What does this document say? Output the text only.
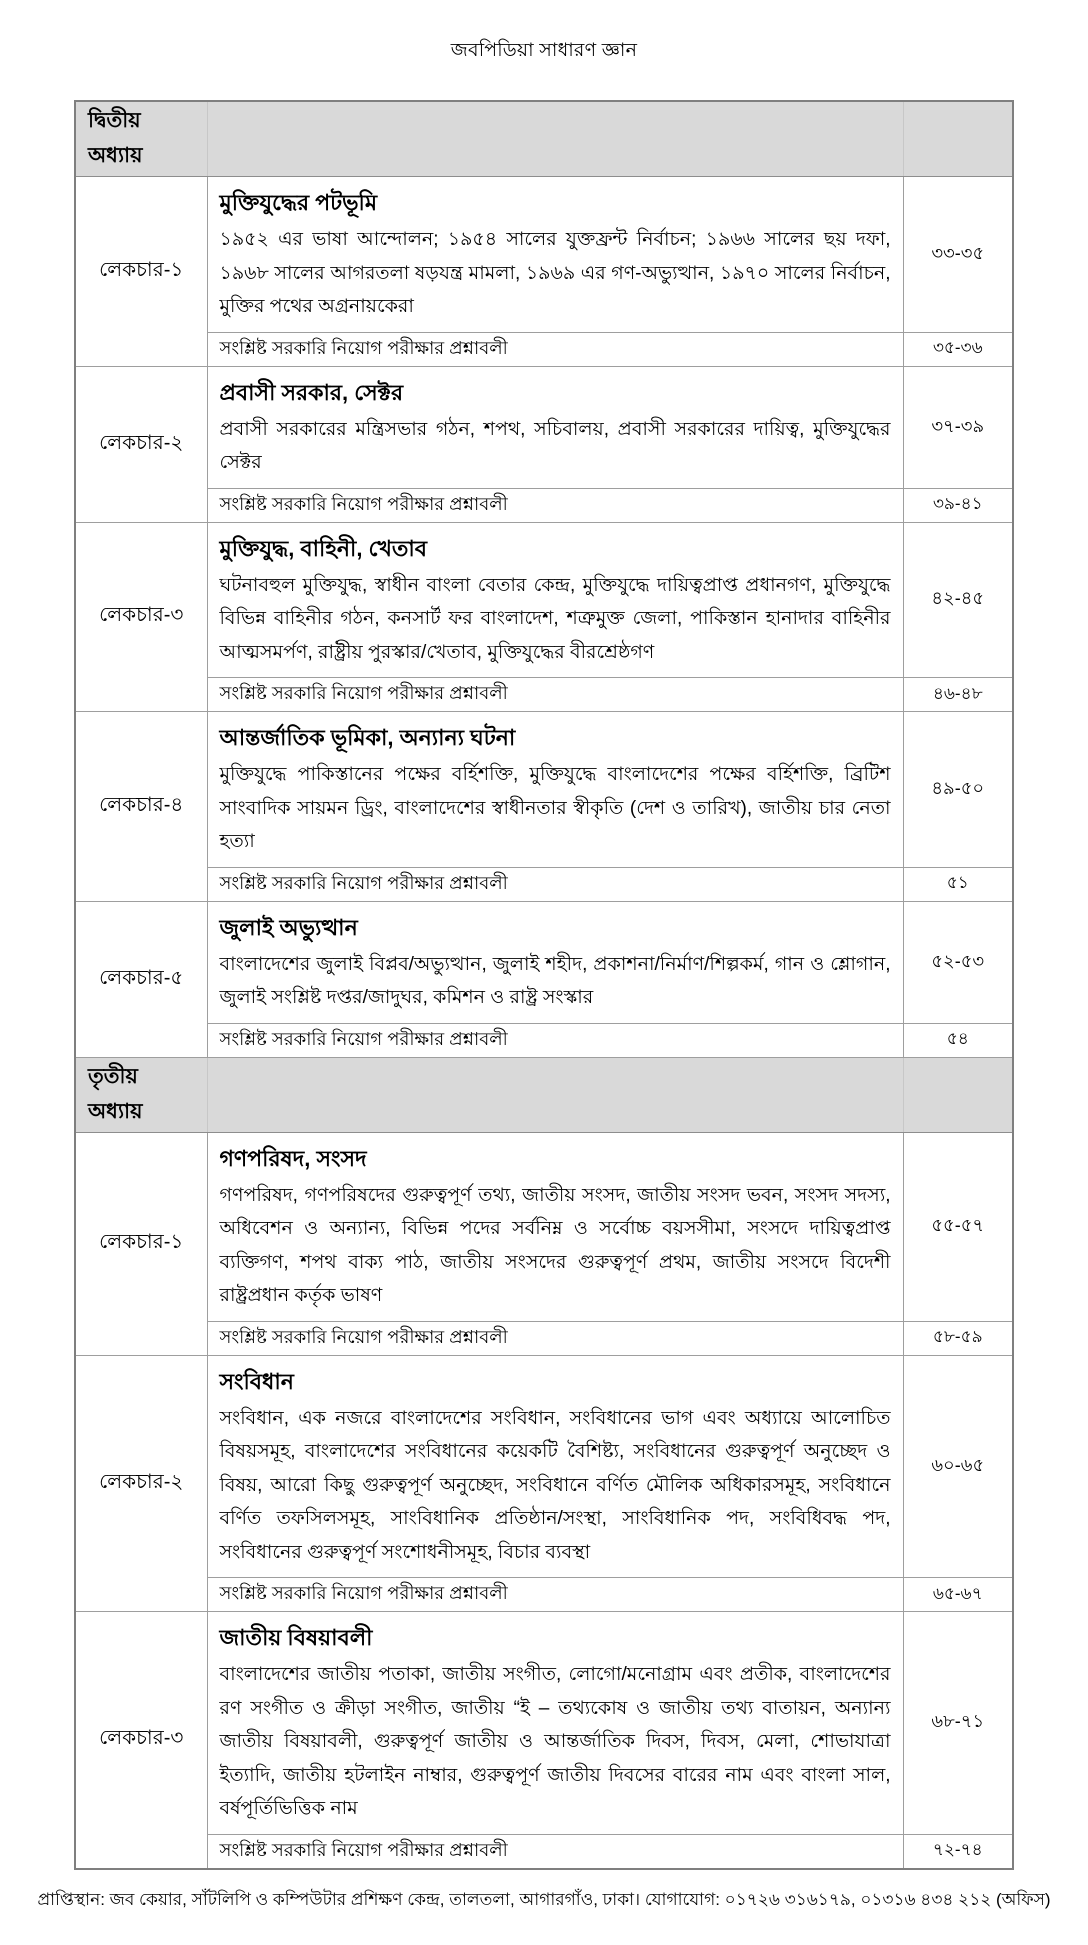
জবপিডিয়া সাধারণ জ্ঞান
দ্বিতীয় অধ্যায়		
লেকচার-১	মুক্তিযুদ্ধের পটভূমি
১৯৫২ এর ভাষা আন্দোলন; ১৯৫৪ সালের যুক্তফ্রন্ট নির্বাচন; ১৯৬৬ সালের ছয় দফা, ১৯৬৮ সালের আগরতলা ষড়যন্ত্র মামলা, ১৯৬৯ এর গণ-অভ্যুত্থান, ১৯৭০ সালের নির্বাচন, মুক্তির পথের অগ্রনায়কেরা	৩৩-৩৫
	সংশ্লিষ্ট সরকারি নিয়োগ পরীক্ষার প্রশ্নাবলী	৩৫-৩৬
লেকচার-২	প্রবাসী সরকার, সেক্টর
প্রবাসী সরকারের মন্ত্রিসভার গঠন, শপথ, সচিবালয়, প্রবাসী সরকারের দায়িত্ব, মুক্তিযুদ্ধের সেক্টর	৩৭-৩৯
	সংশ্লিষ্ট সরকারি নিয়োগ পরীক্ষার প্রশ্নাবলী	৩৯-৪১
লেকচার-৩	মুক্তিযুদ্ধ, বাহিনী, খেতাব
ঘটনাবহুল মুক্তিযুদ্ধ, স্বাধীন বাংলা বেতার কেন্দ্র, মুক্তিযুদ্ধে দায়িত্বপ্রাপ্ত প্রধানগণ, মুক্তিযুদ্ধে বিভিন্ন বাহিনীর গঠন, কনসার্ট ফর বাংলাদেশ, শত্রুমুক্ত জেলা, পাকিস্তান হানাদার বাহিনীর আত্মসমর্পণ, রাষ্ট্রীয় পুরস্কার/খেতাব, মুক্তিযুদ্ধের বীরশ্রেষ্ঠগণ	৪২-৪৫
	সংশ্লিষ্ট সরকারি নিয়োগ পরীক্ষার প্রশ্নাবলী	৪৬-৪৮
লেকচার-৪	আন্তর্জাতিক ভূমিকা, অন্যান্য ঘটনা
মুক্তিযুদ্ধে পাকিস্তানের পক্ষের বর্হিশক্তি, মুক্তিযুদ্ধে বাংলাদেশের পক্ষের বর্হিশক্তি, ব্রিটিশ সাংবাদিক সায়মন ড্রিং, বাংলাদেশের স্বাধীনতার স্বীকৃতি (দেশ ও তারিখ), জাতীয় চার নেতা হত্যা	৪৯-৫০
	সংশ্লিষ্ট সরকারি নিয়োগ পরীক্ষার প্রশ্নাবলী	৫১
লেকচার-৫	জুলাই অভ্যুত্থান
বাংলাদেশের জুলাই বিপ্লব/অভ্যুত্থান, জুলাই শহীদ, প্রকাশনা/নির্মাণ/শিল্পকর্ম, গান ও শ্লোগান, জুলাই সংশ্লিষ্ট দপ্তর/জাদুঘর, কমিশন ও রাষ্ট্র সংস্কার	৫২-৫৩
	সংশ্লিষ্ট সরকারি নিয়োগ পরীক্ষার প্রশ্নাবলী	৫৪
তৃতীয় অধ্যায়		
লেকচার-১	গণপরিষদ, সংসদ
গণপরিষদ, গণপরিষদের গুরুত্বপূর্ণ তথ্য, জাতীয় সংসদ, জাতীয় সংসদ ভবন, সংসদ সদস্য, অধিবেশন ও অন্যান্য, বিভিন্ন পদের সর্বনিম্ন ও সর্বোচ্চ বয়সসীমা, সংসদে দায়িত্বপ্রাপ্ত ব্যক্তিগণ, শপথ বাক্য পাঠ, জাতীয় সংসদের গুরুত্বপূর্ণ প্রথম, জাতীয় সংসদে বিদেশী রাষ্ট্রপ্রধান কর্তৃক ভাষণ	৫৫-৫৭
	সংশ্লিষ্ট সরকারি নিয়োগ পরীক্ষার প্রশ্নাবলী	৫৮-৫৯
লেকচার-২	সংবিধান
সংবিধান, এক নজরে বাংলাদেশের সংবিধান, সংবিধানের ভাগ এবং অধ্যায়ে আলোচিত বিষয়সমূহ, বাংলাদেশের সংবিধানের কয়েকটি বৈশিষ্ট্য, সংবিধানের গুরুত্বপূর্ণ অনুচ্ছেদ ও বিষয়, আরো কিছু গুরুত্বপূর্ণ অনুচ্ছেদ, সংবিধানে বর্ণিত মৌলিক অধিকারসমূহ, সংবিধানে বর্ণিত তফসিলসমূহ, সাংবিধানিক প্রতিষ্ঠান/সংস্থা, সাংবিধানিক পদ, সংবিধিবদ্ধ পদ, সংবিধানের গুরুত্বপূর্ণ সংশোধনীসমূহ, বিচার ব্যবস্থা	৬০-৬৫
	সংশ্লিষ্ট সরকারি নিয়োগ পরীক্ষার প্রশ্নাবলী	৬৫-৬৭
লেকচার-৩	জাতীয় বিষয়াবলী
বাংলাদেশের জাতীয় পতাকা, জাতীয় সংগীত, লোগো/মনোগ্রাম এবং প্রতীক, বাংলাদেশের রণ সংগীত ও ক্রীড়া সংগীত, জাতীয় “ই – তথ্যকোষ ও জাতীয় তথ্য বাতায়ন, অন্যান্য জাতীয় বিষয়াবলী, গুরুত্বপূর্ণ জাতীয় ও আন্তর্জাতিক দিবস, দিবস, মেলা, শোভাযাত্রা ইত্যাদি, জাতীয় হটলাইন নাম্বার, গুরুত্বপূর্ণ জাতীয় দিবসের বারের নাম এবং বাংলা সাল, বর্ষপূর্তিভিত্তিক নাম	৬৮-৭১
	সংশ্লিষ্ট সরকারি নিয়োগ পরীক্ষার প্রশ্নাবলী	৭২-৭৪
প্রাপ্তিস্থান: জব কেয়ার, সাঁটলিপি ও কম্পিউটার প্রশিক্ষণ কেন্দ্র, তালতলা, আগারগাঁও, ঢাকা। যোগাযোগ: ০১৭২৬ ৩১৬১৭৯, ০১৩১৬ ৪৩৪ ২১২ (অফিস)
